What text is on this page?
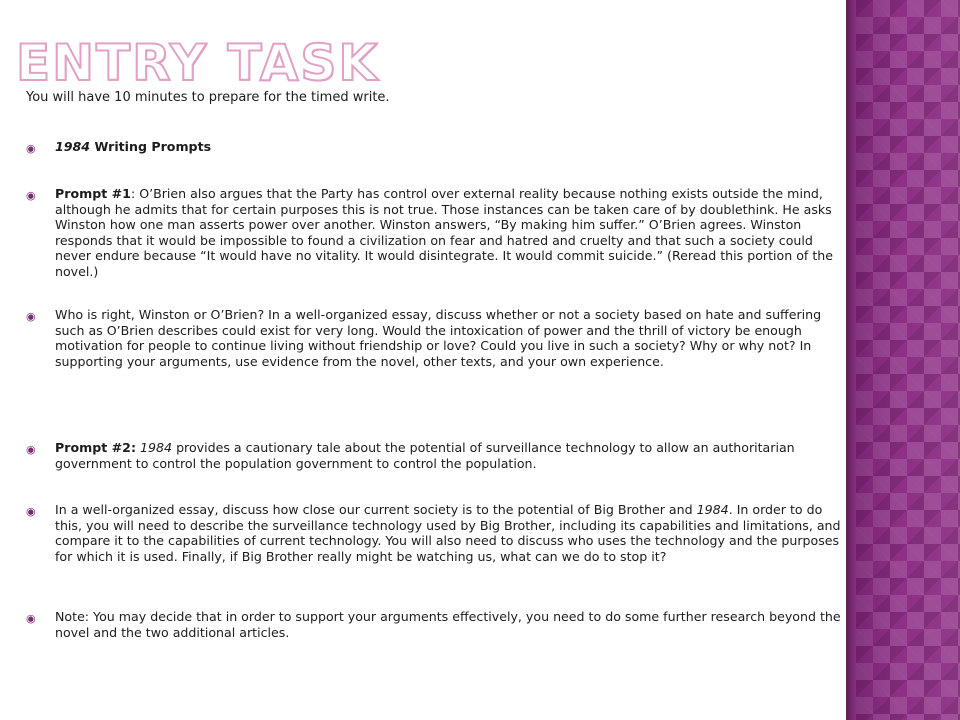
ENTRY TASK
You will have 10 minutes to prepare for the timed write.
◉ 1984 Writing Prompts
◉ Prompt #1: O’Brien also argues that the Party has control over external reality because nothing exists outside the mind, although he admits that for certain purposes this is not true. Those instances can be taken care of by doublethink. He asks Winston how one man asserts power over another. Winston answers, “By making him suffer.” O’Brien agrees. Winston responds that it would be impossible to found a civilization on fear and hatred and cruelty and that such a society could never endure because “It would have no vitality. It would disintegrate. It would commit suicide.” (Reread this portion of the novel.)
◉ Who is right, Winston or O’Brien? In a well-organized essay, discuss whether or not a society based on hate and suffering such as O’Brien describes could exist for very long. Would the intoxication of power and the thrill of victory be enough motivation for people to continue living without friendship or love? Could you live in such a society? Why or why not? In supporting your arguments, use evidence from the novel, other texts, and your own experience.
◉ Prompt #2: 1984 provides a cautionary tale about the potential of surveillance technology to allow an authoritarian government to control the population government to control the population.
◉ In a well-organized essay, discuss how close our current society is to the potential of Big Brother and 1984. In order to do this, you will need to describe the surveillance technology used by Big Brother, including its capabilities and limitations, and compare it to the capabilities of current technology. You will also need to discuss who uses the technology and the purposes for which it is used. Finally, if Big Brother really might be watching us, what can we do to stop it?
◉ Note: You may decide that in order to support your arguments effectively, you need to do some further research beyond the novel and the two additional articles.
